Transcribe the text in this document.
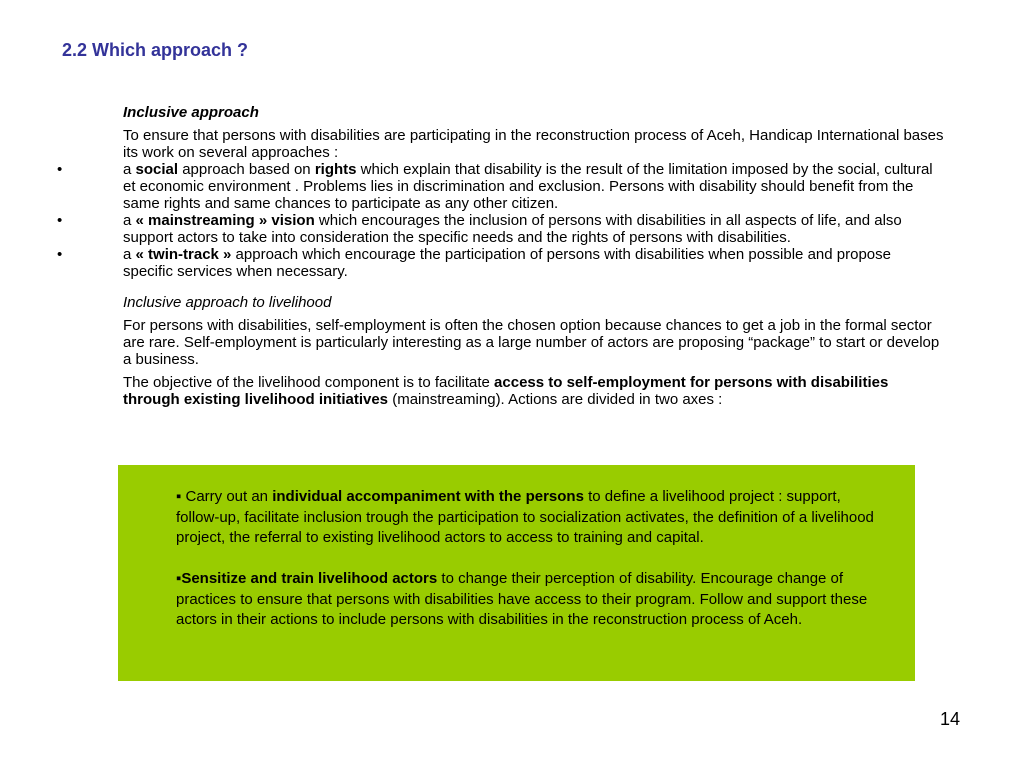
2.2 Which approach ?

Inclusive approach

To ensure that persons with disabilities are participating in the reconstruction process of Aceh, Handicap International bases its work on several approaches :

•	a social approach based on rights which explain that disability is the result of the limitation imposed by the social, cultural et economic environment . Problems lies in discrimination and exclusion. Persons with disability should benefit from the same rights and same chances to participate as any other citizen.

•	a « mainstreaming » vision which encourages the inclusion of persons with disabilities in all aspects of life, and also support actors to take into consideration the specific needs and the rights of persons with disabilities.

•	a « twin-track » approach which encourage the participation of persons with disabilities when possible and propose specific services when necessary.

Inclusive approach to livelihood

For persons with disabilities, self-employment is often the chosen option because chances to get a job in the formal sector are rare. Self-employment is particularly interesting as a large number of actors are proposing “package” to start or develop a business.

The objective of the livelihood component is to facilitate access to self-employment for persons with disabilities through existing livelihood initiatives (mainstreaming). Actions are divided in two axes :

▪ Carry out an individual accompaniment with the persons to define a livelihood project : support, follow-up, facilitate inclusion trough the participation to socialization activates, the definition of a livelihood project, the referral to existing livelihood actors to access to training and capital.

▪Sensitize and train livelihood actors to change their perception of disability. Encourage change of practices to ensure that persons with disabilities have access to their program. Follow and support these actors in their actions to include persons with disabilities in the reconstruction process of Aceh.

14
